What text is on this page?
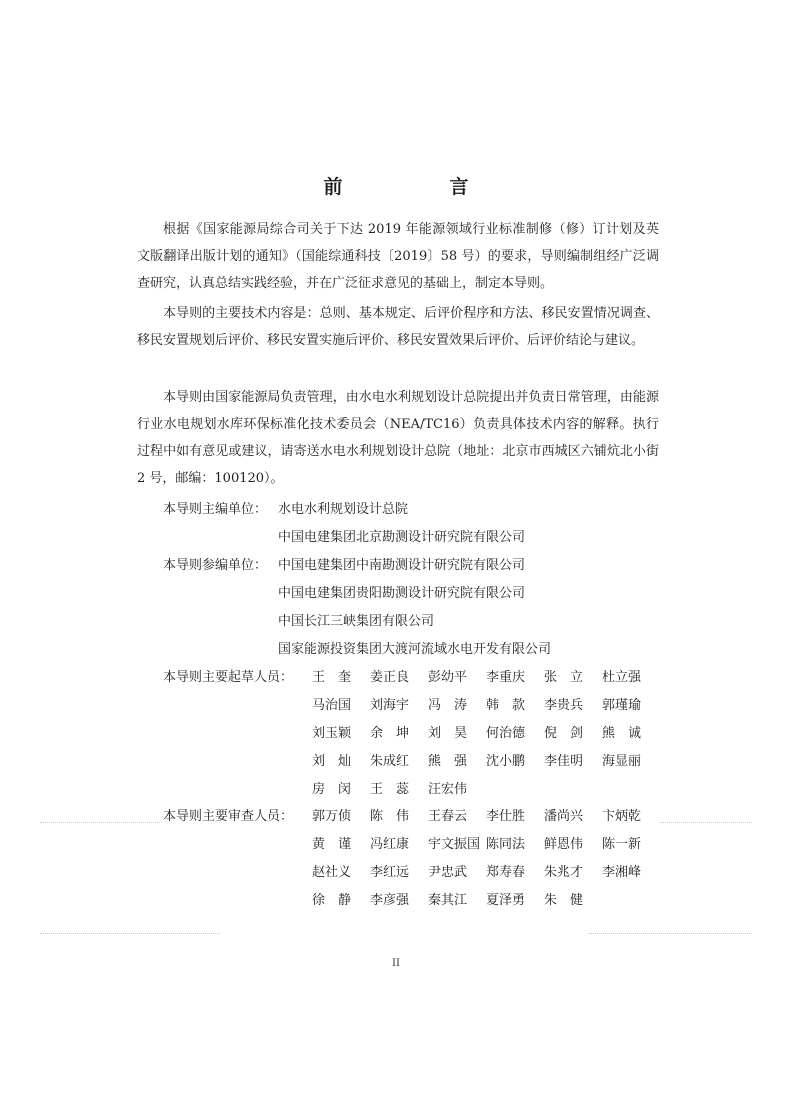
前　言

根据《国家能源局综合司关于下达 2019 年能源领域行业标准制修（修）订计划及英文版翻译出版计划的通知》（国能综通科技〔2019〕58 号）的要求，导则编制组经广泛调查研究，认真总结实践经验，并在广泛征求意见的基础上，制定本导则。

本导则的主要技术内容是：总则、基本规定、后评价程序和方法、移民安置情况调查、移民安置规划后评价、移民安置实施后评价、移民安置效果后评价、后评价结论与建议。

本导则由国家能源局负责管理，由水电水利规划设计总院提出并负责日常管理，由能源行业水电规划水库环保标准化技术委员会（NEA/TC16）负责具体技术内容的解释。执行过程中如有意见或建议，请寄送水电水利规划设计总院（地址：北京市西城区六铺炕北小街 2 号，邮编：100120）。

本导则主编单位： 水电水利规划设计总院
中国电建集团北京勘测设计研究院有限公司
本导则参编单位： 中国电建集团中南勘测设计研究院有限公司
中国电建集团贵阳勘测设计研究院有限公司
中国长江三峡集团有限公司
国家能源投资集团大渡河流域水电开发有限公司
本导则主要起草人员： 王　奎	姜正良	彭幼平	李重庆	张　立	杜立强
马治国	刘海宇	冯　涛	韩　款	李贵兵	郭瑾瑜
刘玉颖	余　坤	刘　昊	何治德	倪　剑	熊　诚
刘　灿	朱成红	熊　强	沈小鹏	李佳明	海显丽
房　闵	王　蕊	汪宏伟
本导则主要审查人员： 郭万侦	陈　伟	王春云	李仕胜	潘尚兴	卞炳乾
黄　谨	冯红康	宇文振国 陈同法	鲜恩伟	陈一新
赵社义	李红远	尹忠武	郑寿春	朱兆才	李湘峰
徐　静	李彦强	秦其江	夏泽勇	朱　健
II
